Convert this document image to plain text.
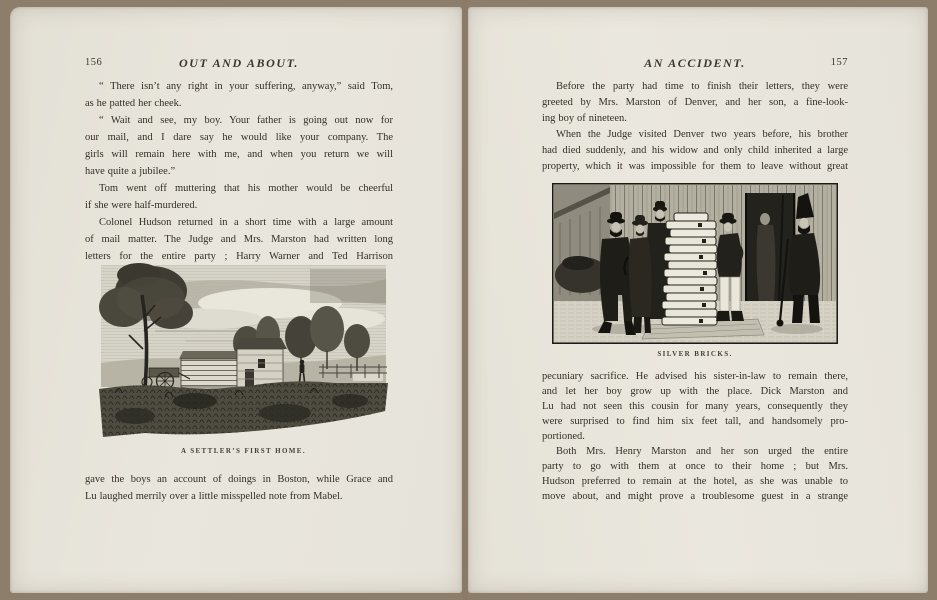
156	OUT AND ABOUT.
“ There isn’t any right in your suffering, anyway,” said Tom,
as he patted her cheek.
“ Wait and see, my boy. Your father is going out now for
our mail, and I dare say he would like your company. The
girls will remain here with me, and when you return we will
have quite a jubilee.”
Tom went off muttering that his mother would be cheerful
if she were half-murdered.
Colonel Hudson returned in a short time with a large amount
of mail matter. The Judge and Mrs. Marston had written long
letters for the entire party ; Harry Warner and Ted Harrison
A SETTLER’S FIRST HOME.
gave the boys an account of doings in Boston, while Grace and
Lu laughed merrily over a little misspelled note from Mabel.
AN ACCIDENT.	157
Before the party had time to finish their letters, they were
greeted by Mrs. Marston of Denver, and her son, a fine-look-
ing boy of nineteen.
When the Judge visited Denver two years before, his brother
had died suddenly, and his widow and only child inherited a large
property, which it was impossible for them to leave without great
SILVER BRICKS.
pecuniary sacrifice. He advised his sister-in-law to remain there,
and let her boy grow up with the place. Dick Marston and
Lu had not seen this cousin for many years, consequently they
were surprised to find him six feet tall, and handsomely pro-
portioned.
Both Mrs. Henry Marston and her son urged the entire
party to go with them at once to their home ; but Mrs.
Hudson preferred to remain at the hotel, as she was unable to
move about, and might prove a troublesome guest in a strange
